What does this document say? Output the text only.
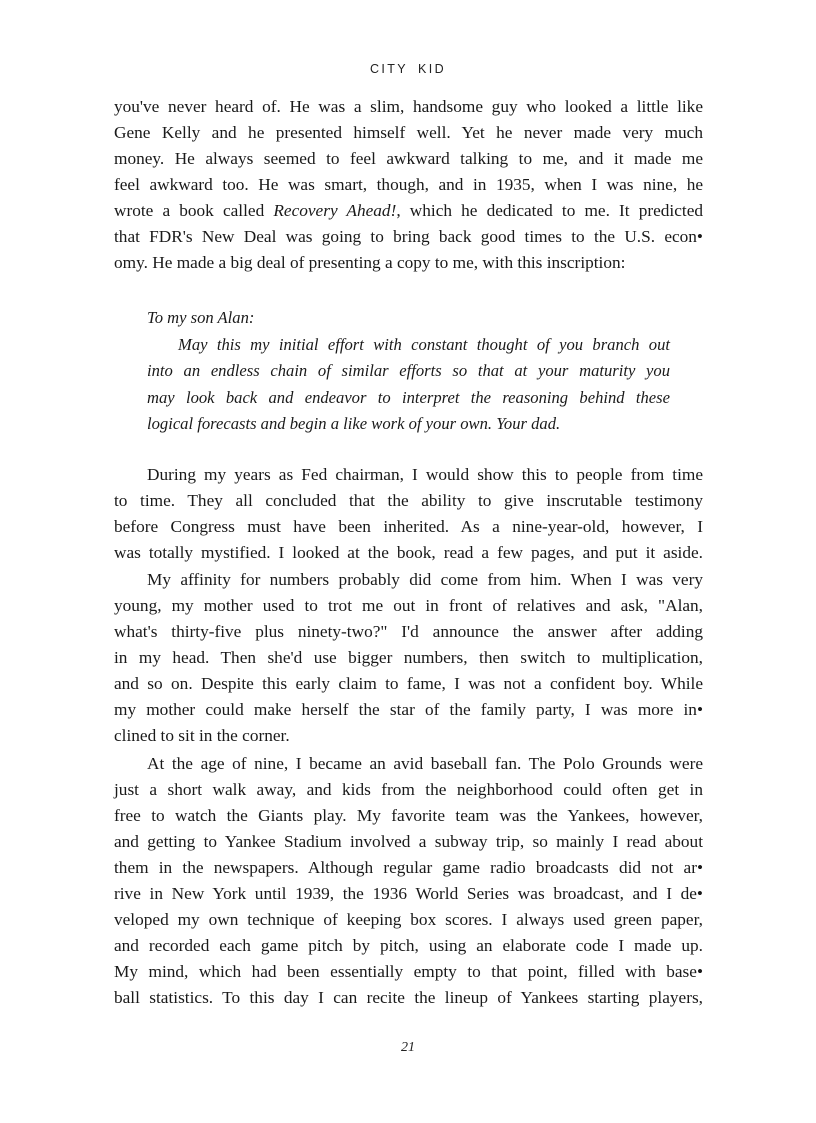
CITY KID
you've never heard of. He was a slim, handsome guy who looked a little like
Gene Kelly and he presented himself well. Yet he never made very much
money. He always seemed to feel awkward talking to me, and it made me
feel awkward too. He was smart, though, and in 1935, when I was nine, he
wrote a book called Recovery Ahead!, which he dedicated to me. It predicted
that FDR's New Deal was going to bring back good times to the U.S. econ•
omy. He made a big deal of presenting a copy to me, with this inscription:
To my son Alan:
May this my initial effort with constant thought of you branch out
into an endless chain of similar efforts so that at your maturity you
may look back and endeavor to interpret the reasoning behind these
logical forecasts and begin a like work of your own. Your dad.
During my years as Fed chairman, I would show this to people from time
to time. They all concluded that the ability to give inscrutable testimony
before Congress must have been inherited. As a nine-year-old, however, I
was totally mystified. I looked at the book, read a few pages, and put it aside.
My affinity for numbers probably did come from him. When I was very
young, my mother used to trot me out in front of relatives and ask, "Alan,
what's thirty-five plus ninety-two?" I'd announce the answer after adding
in my head. Then she'd use bigger numbers, then switch to multiplication,
and so on. Despite this early claim to fame, I was not a confident boy. While
my mother could make herself the star of the family party, I was more in•
clined to sit in the corner.
At the age of nine, I became an avid baseball fan. The Polo Grounds were
just a short walk away, and kids from the neighborhood could often get in
free to watch the Giants play. My favorite team was the Yankees, however,
and getting to Yankee Stadium involved a subway trip, so mainly I read about
them in the newspapers. Although regular game radio broadcasts did not ar•
rive in New York until 1939, the 1936 World Series was broadcast, and I de•
veloped my own technique of keeping box scores. I always used green paper,
and recorded each game pitch by pitch, using an elaborate code I made up.
My mind, which had been essentially empty to that point, filled with base•
ball statistics. To this day I can recite the lineup of Yankees starting players,
21
